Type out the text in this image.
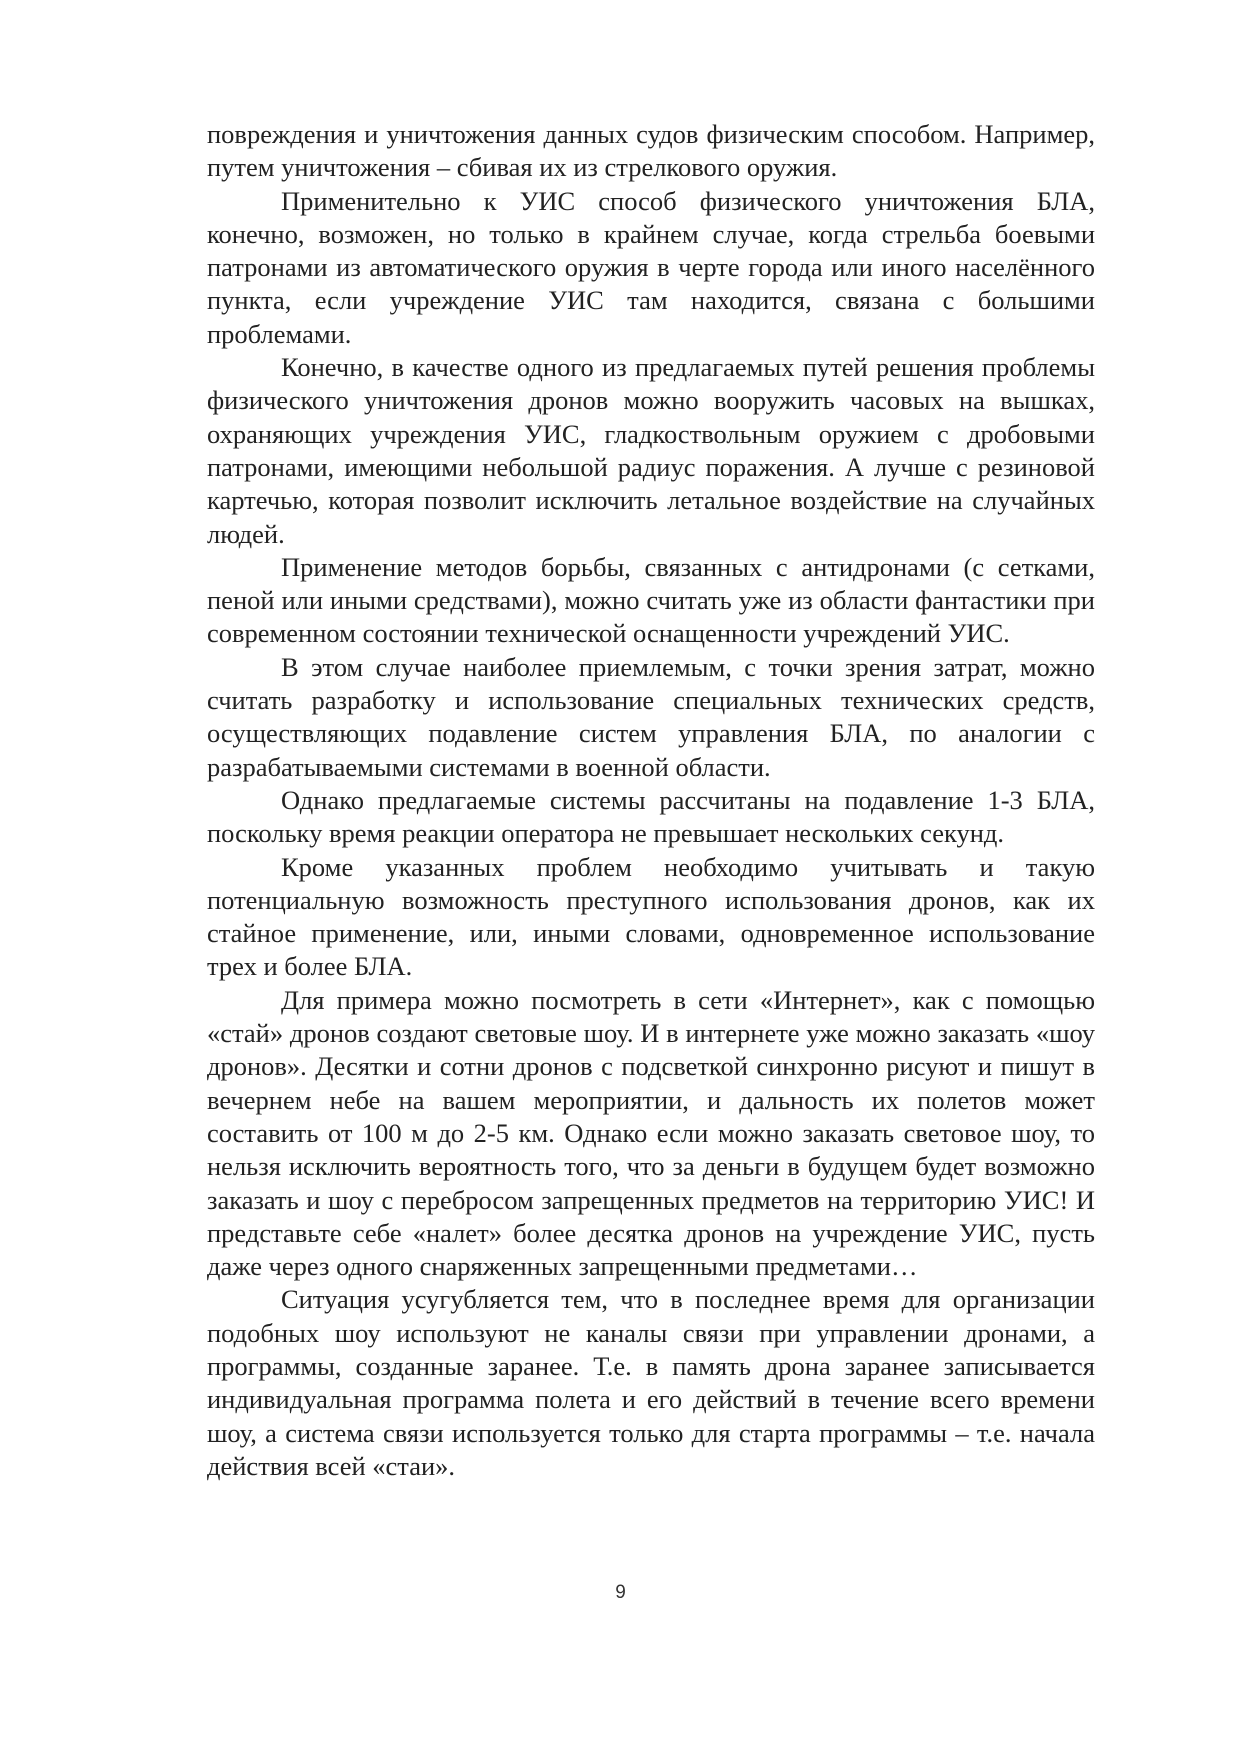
повреждения и уничтожения данных судов физическим способом. Например, путем уничтожения – сбивая их из стрелкового оружия.

Применительно к УИС способ физического уничтожения БЛА, конечно, возможен, но только в крайнем случае, когда стрельба боевыми патронами из автоматического оружия в черте города или иного населённого пункта, если учреждение УИС там находится, связана с большими проблемами.

Конечно, в качестве одного из предлагаемых путей решения проблемы физического уничтожения дронов можно вооружить часовых на вышках, охраняющих учреждения УИС, гладкоствольным оружием с дробовыми патронами, имеющими небольшой радиус поражения. А лучше с резиновой картечью, которая позволит исключить летальное воздействие на случайных людей.

Применение методов борьбы, связанных с антидронами (с сетками, пеной или иными средствами), можно считать уже из области фантастики при современном состоянии технической оснащенности учреждений УИС.

В этом случае наиболее приемлемым, с точки зрения затрат, можно считать разработку и использование специальных технических средств, осуществляющих подавление систем управления БЛА, по аналогии с разрабатываемыми системами в военной области.

Однако предлагаемые системы рассчитаны на подавление 1-3 БЛА, поскольку время реакции оператора не превышает нескольких секунд.

Кроме указанных проблем необходимо учитывать и такую потенциальную возможность преступного использования дронов, как их стайное применение, или, иными словами, одновременное использование трех и более БЛА.

Для примера можно посмотреть в сети «Интернет», как с помощью «стай» дронов создают световые шоу. И в интернете уже можно заказать «шоу дронов». Десятки и сотни дронов с подсветкой синхронно рисуют и пишут в вечернем небе на вашем мероприятии, и дальность их полетов может составить от 100 м до 2-5 км. Однако если можно заказать световое шоу, то нельзя исключить вероятность того, что за деньги в будущем будет возможно заказать и шоу с перебросом запрещенных предметов на территорию УИС! И представьте себе «налет» более десятка дронов на учреждение УИС, пусть даже через одного снаряженных запрещенными предметами…

Ситуация усугубляется тем, что в последнее время для организации подобных шоу используют не каналы связи при управлении дронами, а программы, созданные заранее. Т.е. в память дрона заранее записывается индивидуальная программа полета и его действий в течение всего времени шоу, а система связи используется только для старта программы – т.е. начала действия всей «стаи».

9
